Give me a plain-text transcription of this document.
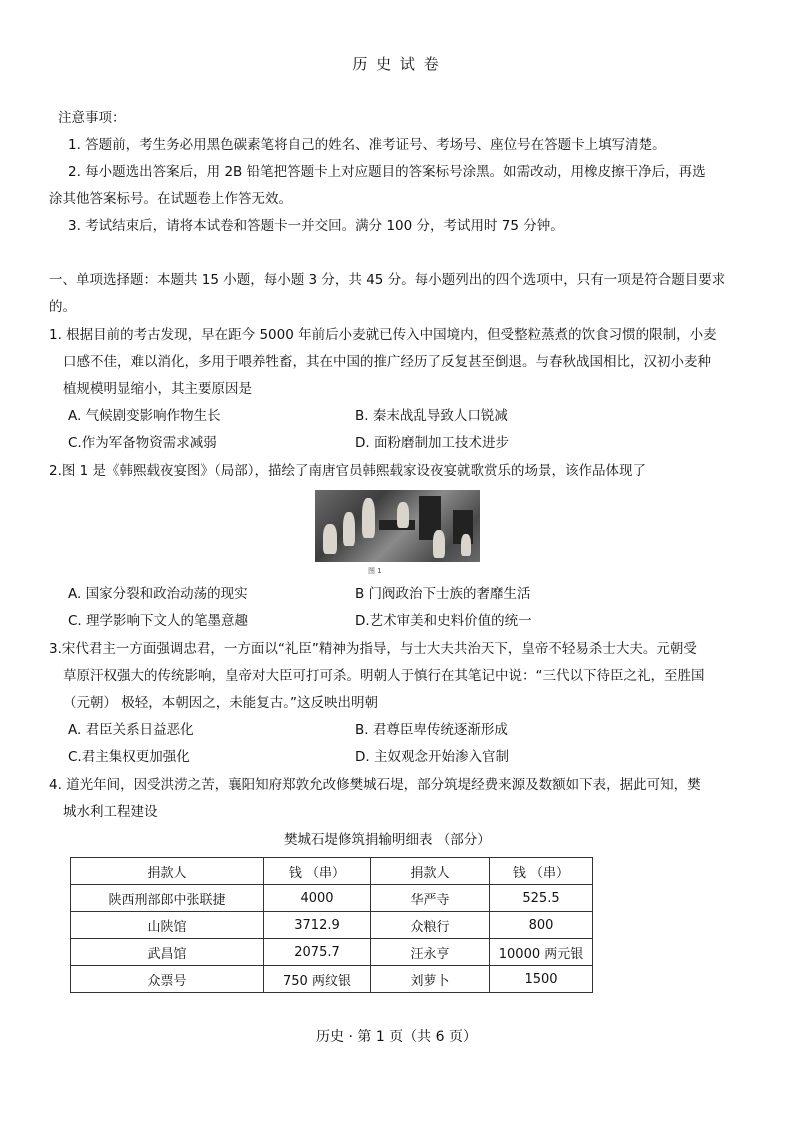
历 史 试 卷
注意事项：
1. 答题前，考生务必用黑色碳素笔将自己的姓名、准考证号、考场号、座位号在答题卡上填写清楚。
2. 每小题选出答案后，用 2B 铅笔把答题卡上对应题目的答案标号涂黑。如需改动，用橡皮擦干净后，再选
涂其他答案标号。在试题卷上作答无效。
3. 考试结束后，请将本试卷和答题卡一并交回。满分 100 分，考试用时 75 分钟。
一、单项选择题：本题共 15 小题，每小题 3 分，共 45 分。每小题列出的四个选项中，只有一项是符合题目要求
的。
1. 根据目前的考古发现，早在距今 5000 年前后小麦就已传入中国境内，但受整粒蒸煮的饮食习惯的限制，小麦
口感不佳，难以消化，多用于喂养牲畜，其在中国的推广经历了反复甚至倒退。与春秋战国相比，汉初小麦种
植规模明显缩小，其主要原因是
A. 气候剧变影响作物生长	B. 秦末战乱导致人口锐减
C.作为军备物资需求减弱	D. 面粉磨制加工技术进步
2.图 1 是《韩熙载夜宴图》（局部），描绘了南唐官员韩熙载家设夜宴就歌赏乐的场景，该作品体现了
图 1
A. 国家分裂和政治动荡的现实	B 门阀政治下士族的奢靡生活
C. 理学影响下文人的笔墨意趣	D.艺术审美和史料价值的统一
3.宋代君主一方面强调忠君，一方面以“礼臣”精神为指导，与士大夫共治天下，皇帝不轻易杀士大夫。元朝受
草原汗权强大的传统影响，皇帝对大臣可打可杀。明朝人于慎行在其笔记中说：“三代以下待臣之礼，至胜国
（元朝） 极轻，本朝因之，未能复古。”这反映出明朝
A. 君臣关系日益恶化	B. 君尊臣卑传统逐渐形成
C.君主集权更加强化	D. 主奴观念开始渗入官制
4. 道光年间，因受洪涝之苦，襄阳知府郑敦允改修樊城石堤，部分筑堤经费来源及数额如下表，据此可知，樊
城水利工程建设
樊城石堤修筑捐输明细表 （部分）
捐款人	钱 （串）	捐款人	钱 （串）
陕西刑部郎中张联捷	4000	华严寺	525.5
山陕馆	3712.9	众粮行	800
武昌馆	2075.7	汪永亨	10000 两元银
众票号	750 两纹银	刘萝卜	1500
历史 · 第 1 页（共 6 页）
